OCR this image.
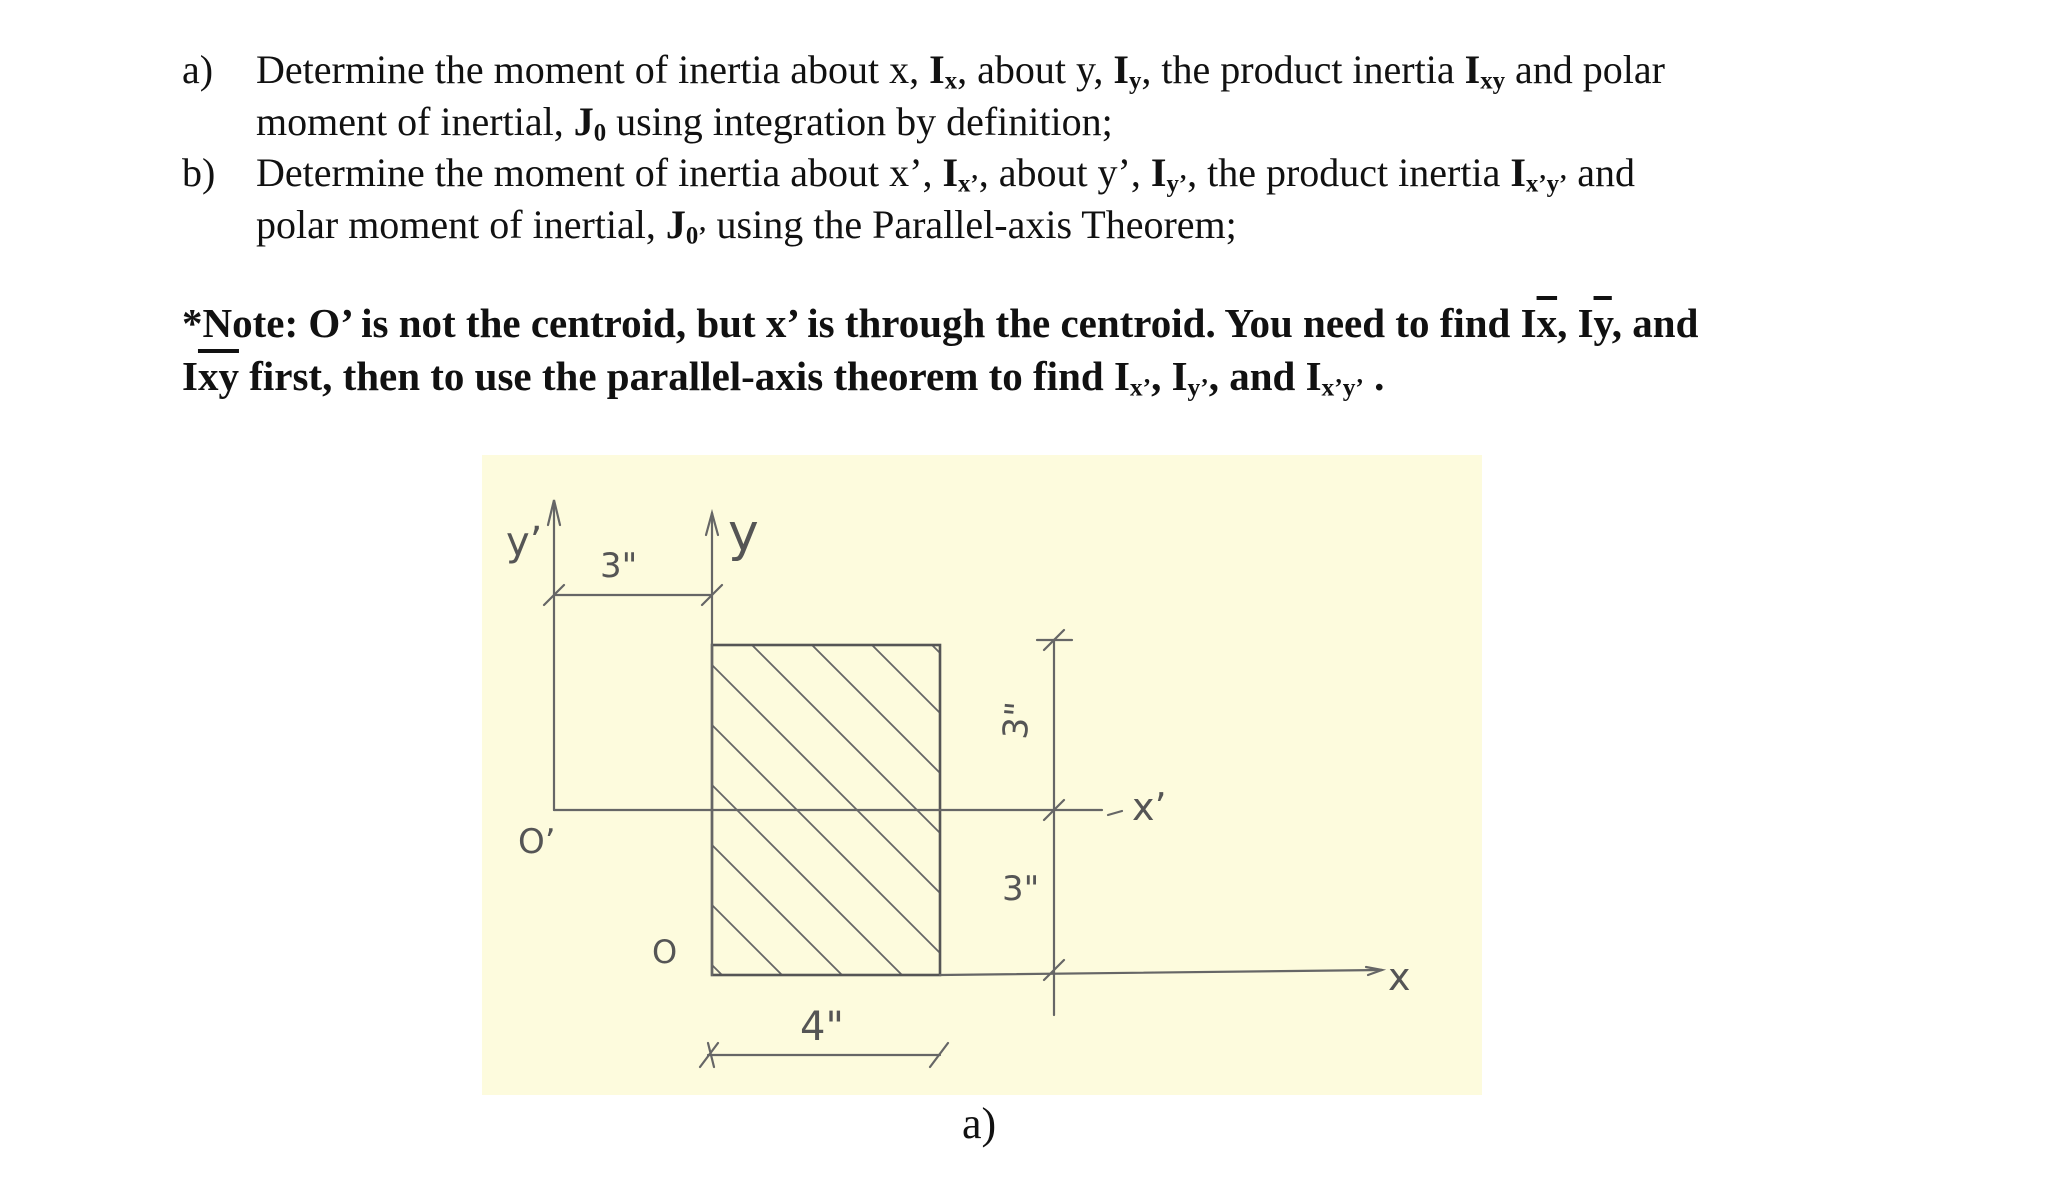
a)	Determine the moment of inertia about x, $I_x$, about y, $I_y$, the product inertia $I_{xy}$ and polar
moment of inertial, $J_0$ using integration by definition;
b)	Determine the moment of inertia about x’, $I_{x’}$, about y’, $I_{y’}$, the product inertia $I_{x’y’}$ and
polar moment of inertial, $J_{0’}$ using the Parallel-axis Theorem;
*Note: O’ is not the centroid, but x’ is through the centroid. You need to find $I\overline{x}$, $I\overline{y}$, and
$I\overline{xy}$ first, then to use the parallel-axis theorem to find $I_{x’}$, $I_{y’}$, and $I_{x’y’}$ .
y’	y
3"
3"
3"
x’
O’
O
x
4"
a)
